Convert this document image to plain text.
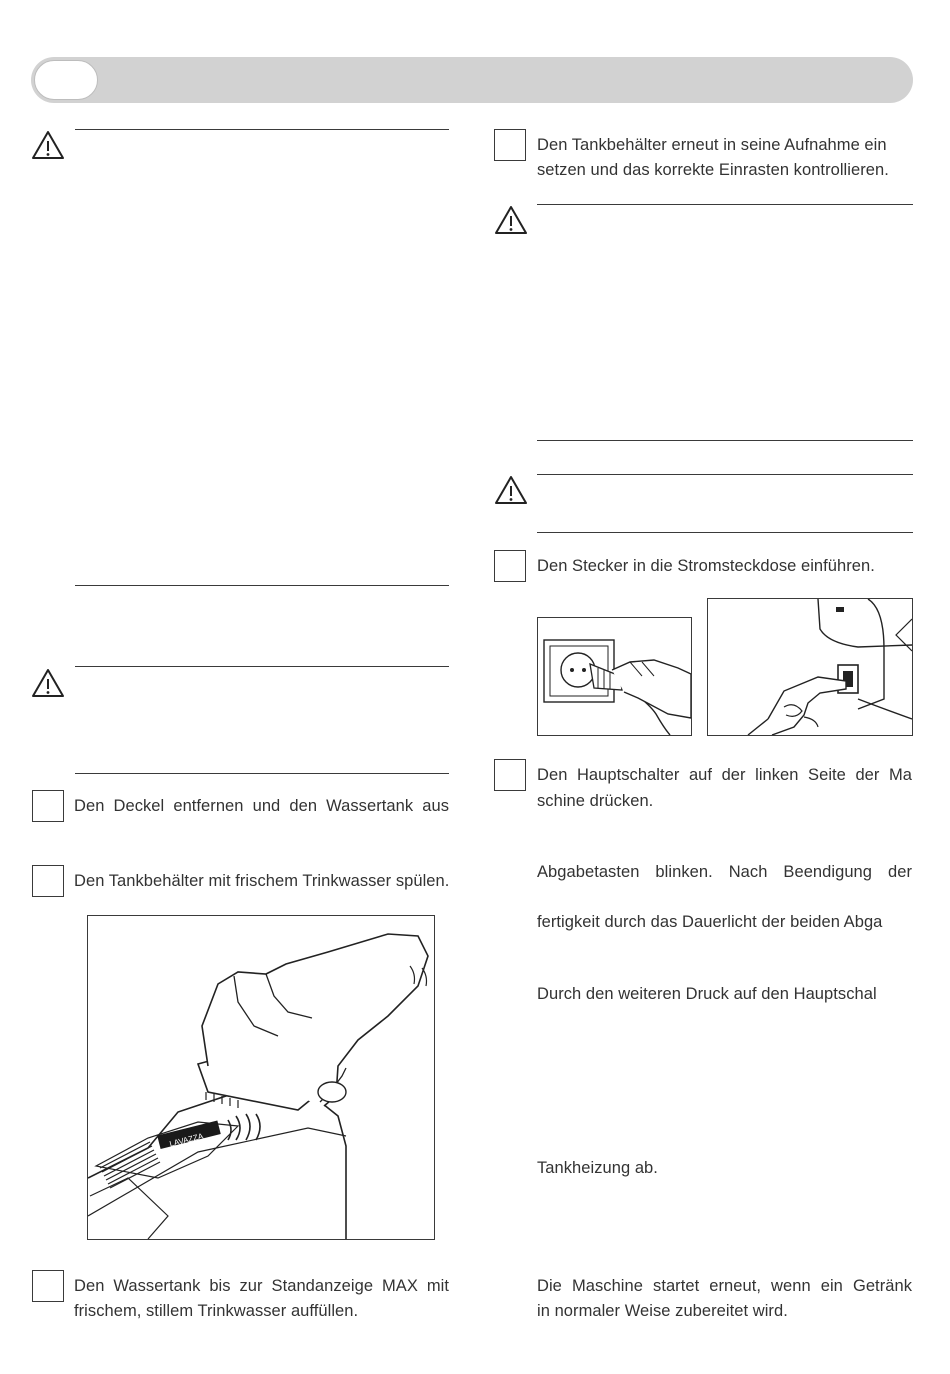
Den Deckel entfernen und den Wassertank aus
Den Tankbehälter mit frischem Trinkwasser spülen.
LAVAZZA
Den Wassertank bis zur Standanzeige MAX mit
frischem, stillem Trinkwasser auffüllen.
Den Tankbehälter erneut in seine Aufnahme ein
setzen und das korrekte Einrasten kontrollieren.
Den Stecker in die Stromsteckdose einführen.
Den Hauptschalter auf der linken Seite der Ma
schine drücken.
Abgabetasten blinken. Nach Beendigung der
fertigkeit durch das Dauerlicht der beiden Abga
Durch den weiteren Druck auf den Hauptschal
Tankheizung ab.
Die Maschine startet erneut, wenn ein Getränk
in normaler Weise zubereitet wird.
